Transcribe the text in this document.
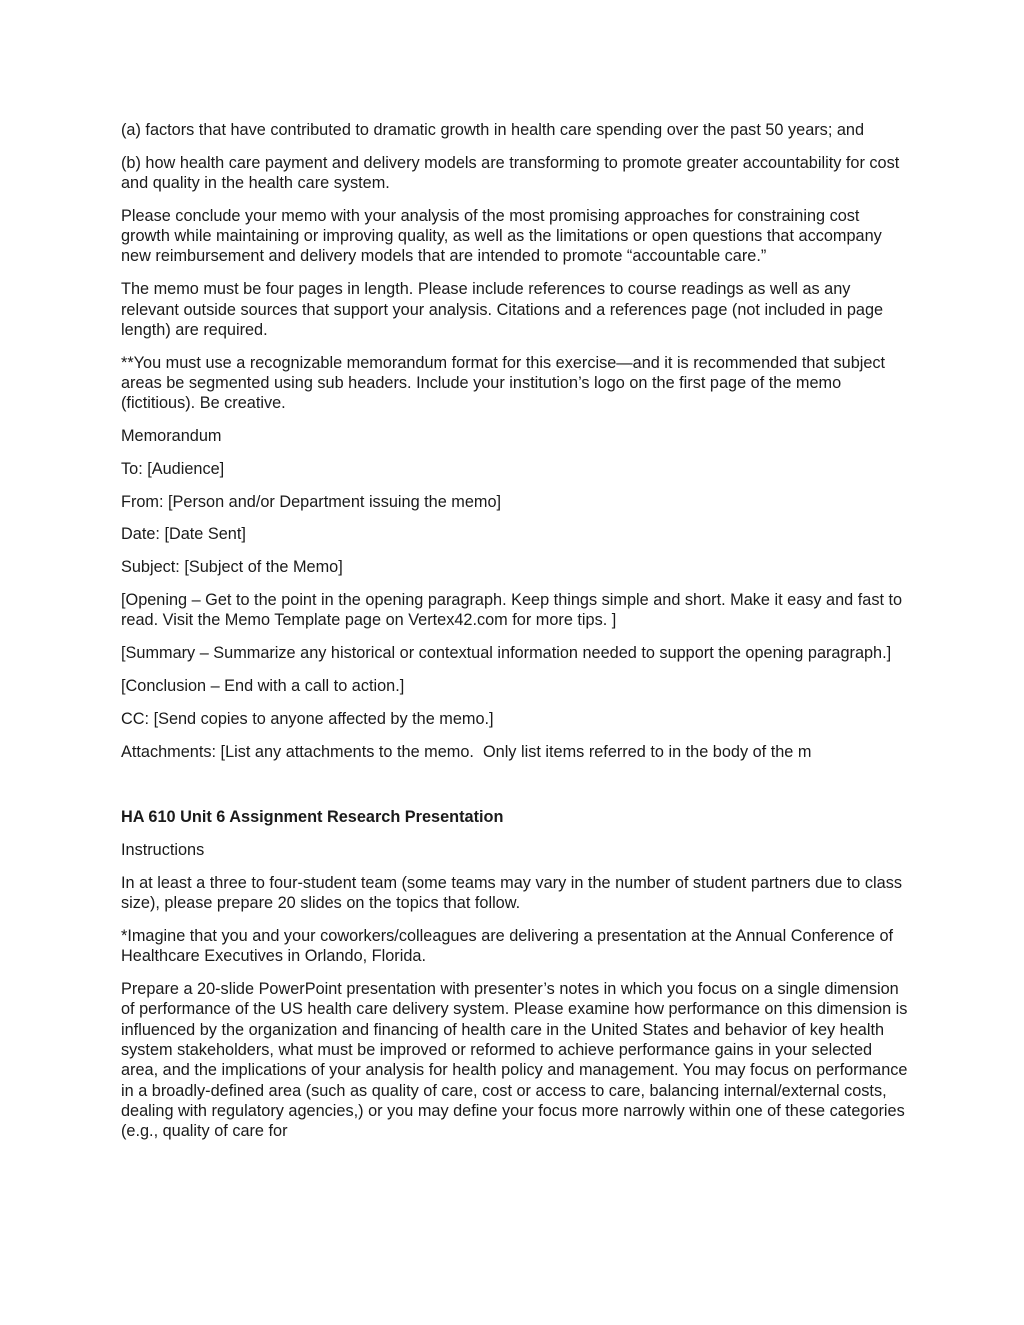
(a) factors that have contributed to dramatic growth in health care spending over the past 50 years; and

(b) how health care payment and delivery models are transforming to promote greater accountability for cost and quality in the health care system.

Please conclude your memo with your analysis of the most promising approaches for constraining cost growth while maintaining or improving quality, as well as the limitations or open questions that accompany new reimbursement and delivery models that are intended to promote “accountable care.”

The memo must be four pages in length. Please include references to course readings as well as any relevant outside sources that support your analysis. Citations and a references page (not included in page length) are required.

**You must use a recognizable memorandum format for this exercise—and it is recommended that subject areas be segmented using sub headers. Include your institution’s logo on the first page of the memo (fictitious). Be creative.

Memorandum

To: [Audience]

From: [Person and/or Department issuing the memo]

Date: [Date Sent]

Subject: [Subject of the Memo]

[Opening – Get to the point in the opening paragraph. Keep things simple and short. Make it easy and fast to read. Visit the Memo Template page on Vertex42.com for more tips. ]

[Summary – Summarize any historical or contextual information needed to support the opening paragraph.]

[Conclusion – End with a call to action.]

CC: [Send copies to anyone affected by the memo.]

Attachments: [List any attachments to the memo.  Only list items referred to in the body of the m

HA 610 Unit 6 Assignment Research Presentation

Instructions

In at least a three to four-student team (some teams may vary in the number of student partners due to class size), please prepare 20 slides on the topics that follow.

*Imagine that you and your coworkers/colleagues are delivering a presentation at the Annual Conference of Healthcare Executives in Orlando, Florida.

Prepare a 20-slide PowerPoint presentation with presenter’s notes in which you focus on a single dimension of performance of the US health care delivery system. Please examine how performance on this dimension is influenced by the organization and financing of health care in the United States and behavior of key health system stakeholders, what must be improved or reformed to achieve performance gains in your selected area, and the implications of your analysis for health policy and management. You may focus on performance in a broadly-defined area (such as quality of care, cost or access to care, balancing internal/external costs, dealing with regulatory agencies,) or you may define your focus more narrowly within one of these categories (e.g., quality of care for
